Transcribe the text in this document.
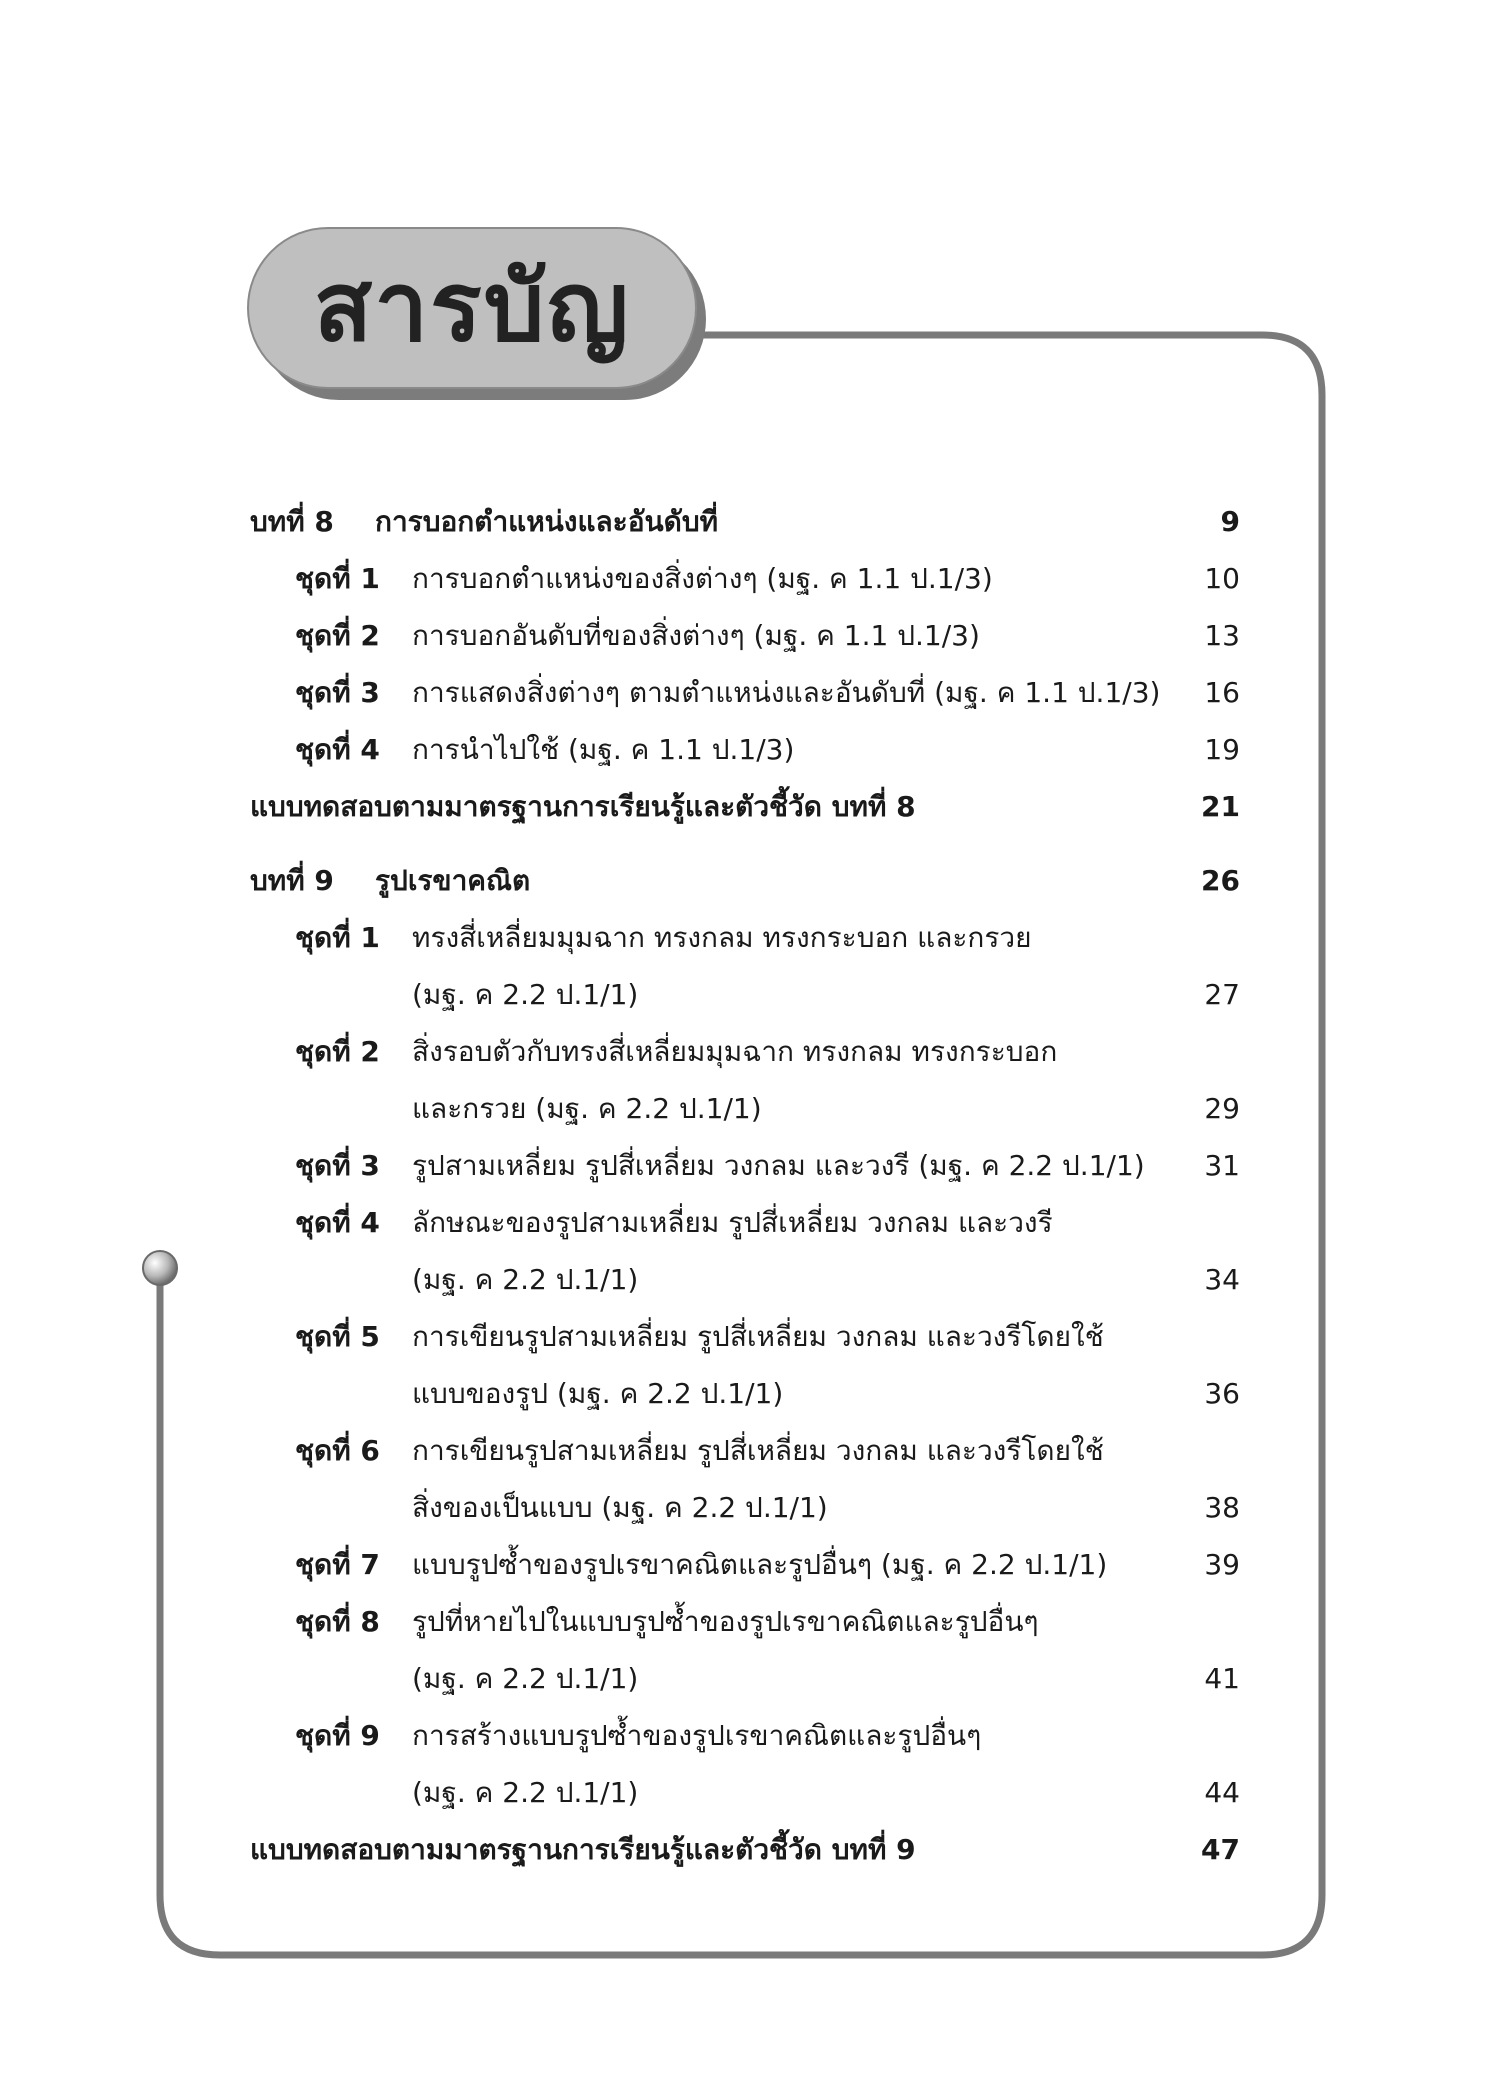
สารบัญ
บทที่ 8 การบอกตำแหน่งและอันดับที่	9
ชุดที่ 1 การบอกตำแหน่งของสิ่งต่างๆ (มฐ. ค 1.1 ป.1/3)	10
ชุดที่ 2 การบอกอันดับที่ของสิ่งต่างๆ (มฐ. ค 1.1 ป.1/3)	13
ชุดที่ 3 การแสดงสิ่งต่างๆ ตามตำแหน่งและอันดับที่ (มฐ. ค 1.1 ป.1/3) 16
ชุดที่ 4 การนำไปใช้ (มฐ. ค 1.1 ป.1/3)	19
แบบทดสอบตามมาตรฐานการเรียนรู้และตัวชี้วัด บทที่ 8	21
บทที่ 9 รูปเรขาคณิต	26
ชุดที่ 1 ทรงสี่เหลี่ยมมุมฉาก ทรงกลม ทรงกระบอก และกรวย
(มฐ. ค 2.2 ป.1/1)	27
ชุดที่ 2 สิ่งรอบตัวกับทรงสี่เหลี่ยมมุมฉาก ทรงกลม ทรงกระบอก
และกรวย (มฐ. ค 2.2 ป.1/1)	29
ชุดที่ 3 รูปสามเหลี่ยม รูปสี่เหลี่ยม วงกลม และวงรี (มฐ. ค 2.2 ป.1/1) 31
ชุดที่ 4 ลักษณะของรูปสามเหลี่ยม รูปสี่เหลี่ยม วงกลม และวงรี
(มฐ. ค 2.2 ป.1/1)	34
ชุดที่ 5 การเขียนรูปสามเหลี่ยม รูปสี่เหลี่ยม วงกลม และวงรีโดยใช้
แบบของรูป (มฐ. ค 2.2 ป.1/1)	36
ชุดที่ 6 การเขียนรูปสามเหลี่ยม รูปสี่เหลี่ยม วงกลม และวงรีโดยใช้
สิ่งของเป็นแบบ (มฐ. ค 2.2 ป.1/1)	38
ชุดที่ 7 แบบรูปซ้ำของรูปเรขาคณิตและรูปอื่นๆ (มฐ. ค 2.2 ป.1/1)	39
ชุดที่ 8 รูปที่หายไปในแบบรูปซ้ำของรูปเรขาคณิตและรูปอื่นๆ
(มฐ. ค 2.2 ป.1/1)	41
ชุดที่ 9 การสร้างแบบรูปซ้ำของรูปเรขาคณิตและรูปอื่นๆ
(มฐ. ค 2.2 ป.1/1)	44
แบบทดสอบตามมาตรฐานการเรียนรู้และตัวชี้วัด บทที่ 9	47
